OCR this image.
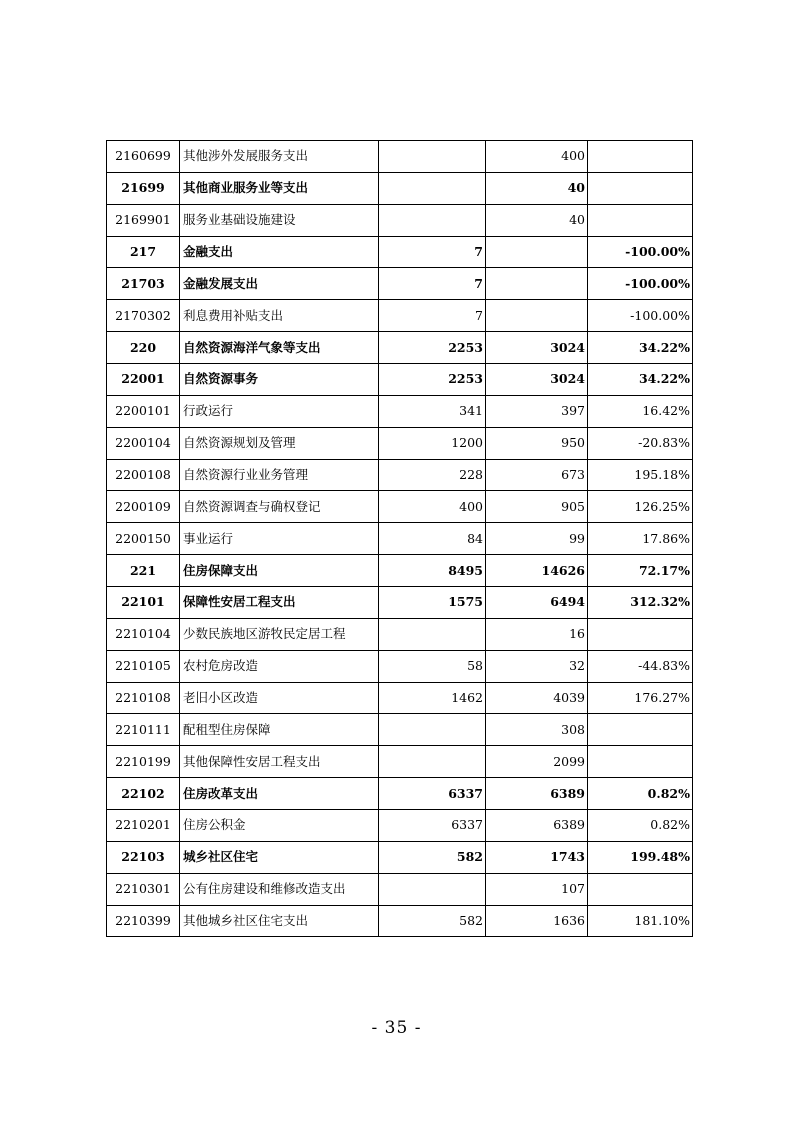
2160699	其他涉外发展服务支出		400	
21699	其他商业服务业等支出		40	
2169901	服务业基础设施建设		40	
217	金融支出	7		-100.00%
21703	金融发展支出	7		-100.00%
2170302	利息费用补贴支出	7		-100.00%
220	自然资源海洋气象等支出	2253	3024	34.22%
22001	自然资源事务	2253	3024	34.22%
2200101	行政运行	341	397	16.42%
2200104	自然资源规划及管理	1200	950	-20.83%
2200108	自然资源行业业务管理	228	673	195.18%
2200109	自然资源调查与确权登记	400	905	126.25%
2200150	事业运行	84	99	17.86%
221	住房保障支出	8495	14626	72.17%
22101	保障性安居工程支出	1575	6494	312.32%
2210104	少数民族地区游牧民定居工程		16	
2210105	农村危房改造	58	32	-44.83%
2210108	老旧小区改造	1462	4039	176.27%
2210111	配租型住房保障		308	
2210199	其他保障性安居工程支出		2099	
22102	住房改革支出	6337	6389	0.82%
2210201	住房公积金	6337	6389	0.82%
22103	城乡社区住宅	582	1743	199.48%
2210301	公有住房建设和维修改造支出		107	
2210399	其他城乡社区住宅支出	582	1636	181.10%
- 35 -
